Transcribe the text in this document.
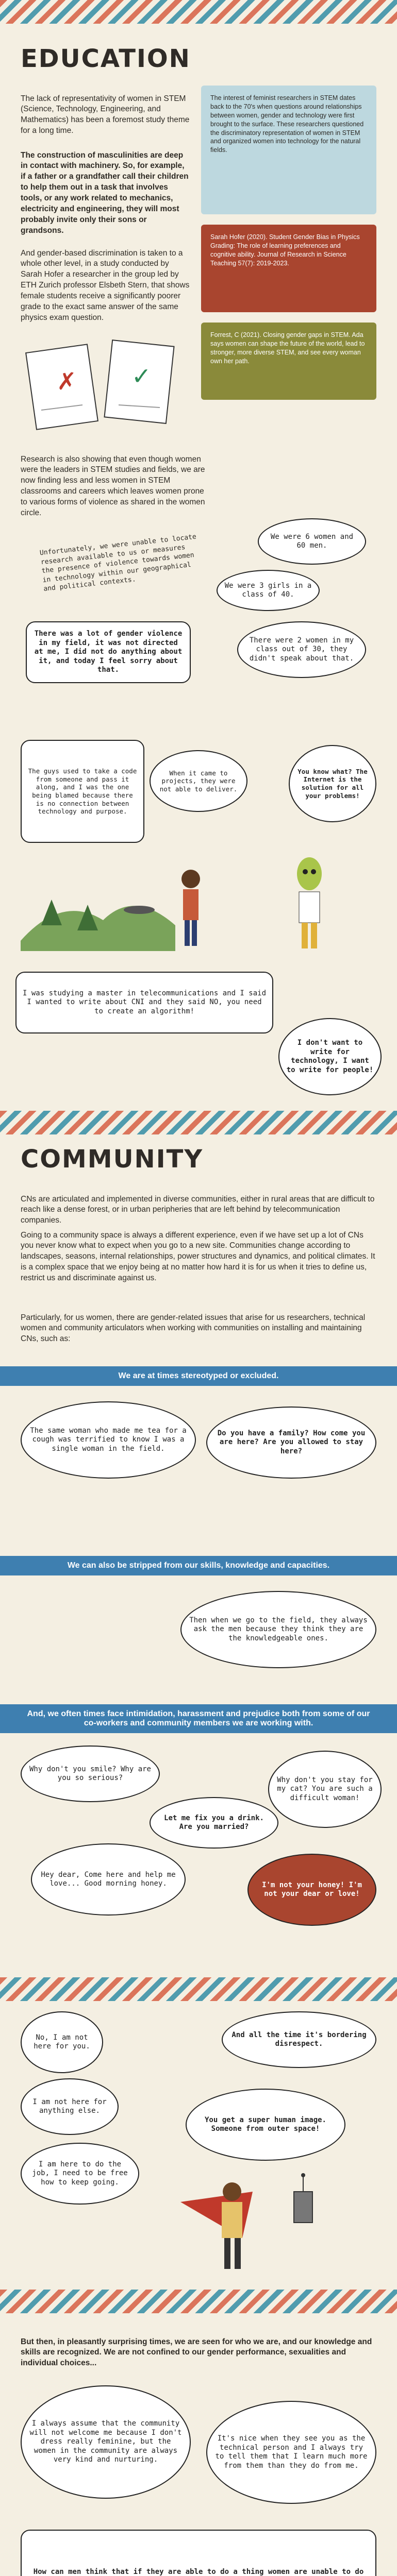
EDUCATION

The lack of representativity of women in STEM (Science, Technology, Engineering, and Mathematics) has been a foremost study theme for a long time.

The construction of masculinities are deep in contact with machinery. So, for example, if a father or a grandfather call their children to help them out in a task that involves tools, or any work related to mechanics, electricity and engineering, they will most probably invite only their sons or grandsons.

And gender-based discrimination is taken to a whole other level, in a study conducted by Sarah Hofer a researcher in the group led by ETH Zurich professor Elsbeth Stern, that shows female students receive a significantly poorer grade to the exact same answer of the same physics exam question.

The interest of feminist researchers in STEM dates back to the 70's when questions around relationships between women, gender and technology were first brought to the surface. These researchers questioned the discriminatory representation of women in STEM and organized women into technology for the natural fields.
Sarah Hofer (2020). Student Gender Bias in Physics Grading: The role of learning preferences and cognitive ability. Journal of Research in Science Teaching 57(7): 2019-2023.
Forrest, C (2021). Closing gender gaps in STEM. Ada says women can shape the future of the world, lead to stronger, more diverse STEM, and see every woman own her path.
✗ ✓

Research is also showing that even though women were the leaders in STEM studies and fields, we are now finding less and less women in STEM classrooms and careers which leaves women prone to various forms of violence as shared in the women circle.

Unfortunately, we were unable to locate research available to us or measures the presence of violence towards women in technology within our geographical and political contexts.

We were 6 women and 60 men.
We were 3 girls in a class of 40.
There was a lot of gender violence in my field, it was not directed at me, I did not do anything about it, and today I feel sorry about that.
There were 2 women in my class out of 30, they didn't speak about that.
The guys used to take a code from someone and pass it along, and I was the one being blamed because there is no connection between technology and purpose.
When it came to projects, they were not able to deliver.
You know what? The Internet is the solution for all your problems!
I was studying a master in telecommunications and I said I wanted to write about CNI and they said NO, you need to create an algorithm!
I don't want to write for technology, I want to write for people!
COMMUNITY

CNs are articulated and implemented in diverse communities, either in rural areas that are difficult to reach like a dense forest, or in urban peripheries that are left behind by telecommunication companies.

Going to a community space is always a different experience, even if we have set up a lot of CNs you never know what to expect when you go to a new site. Communities change according to landscapes, seasons, internal relationships, power structures and dynamics, and political climates. It is a complex space that we enjoy being at no matter how hard it is for us when it tries to define us, restrict us and discriminate against us.

Particularly, for us women, there are gender-related issues that arise for us researchers, technical women and community articulators when working with communities on installing and maintaining CNs, such as:

We are at times stereotyped or excluded.
The same woman who made me tea for a cough was terrified to know I was a single woman in the field.
Do you have a family? How come you are here? Are you allowed to stay here?
We can also be stripped from our skills, knowledge and capacities.
Then when we go to the field, they always ask the men because they think they are the knowledgeable ones.
And, we often times face intimidation, harassment and prejudice both from some of our co-workers and community members we are working with.
Why don't you smile? Why are you so serious?	Why don't you stay for my cat? You are such a difficult woman!
Let me fix you a drink. Are you married?
Hey dear, Come here and help me love... Good morning honey.	I'm not your honey! I'm not your dear or love!
No, I am not here for you.
And all the time it's bordering disrespect.
I am not here for anything else.
I am here to do the job, I need to be free how to keep going.
You get a super human image. Someone from outer space!

But then, in pleasantly surprising times, we are seen for who we are, and our knowledge and skills are recognized. We are not confined to our gender performance, sexualities and individual choices...

I always assume that the community will not welcome me because I don't dress really feminine, but the women in the community are always very kind and nurturing.
It's nice when they see you as the technical person and I always try to tell them that I learn much more from them than they do from me.
How can men think that if they are able to do a thing women are unable to do
